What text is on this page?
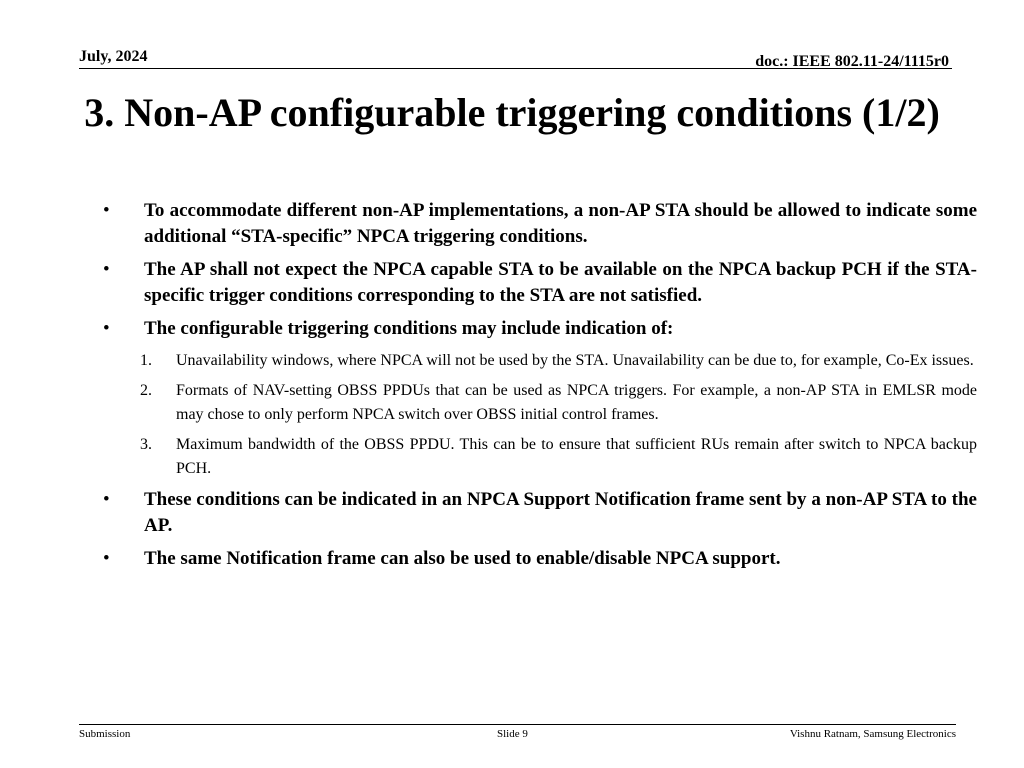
July, 2024	doc.: IEEE 802.11-24/1115r0
3. Non-AP configurable triggering conditions (1/2)
• To accommodate different non-AP implementations, a non-AP STA should be allowed to indicate some additional “STA-specific” NPCA triggering conditions.
• The AP shall not expect the NPCA capable STA to be available on the NPCA backup PCH if the STA-specific trigger conditions corresponding to the STA are not satisfied.
• The configurable triggering conditions may include indication of:
1. Unavailability windows, where NPCA will not be used by the STA. Unavailability can be due to, for example, Co-Ex issues.
2. Formats of NAV-setting OBSS PPDUs that can be used as NPCA triggers. For example, a non-AP STA in EMLSR mode may chose to only perform NPCA switch over OBSS initial control frames.
3. Maximum bandwidth of the OBSS PPDU. This can be to ensure that sufficient RUs remain after switch to NPCA backup PCH.
• These conditions can be indicated in an NPCA Support Notification frame sent by a non-AP STA to the AP.
• The same Notification frame can also be used to enable/disable NPCA support.
Submission	Slide 9	Vishnu Ratnam, Samsung Electronics
